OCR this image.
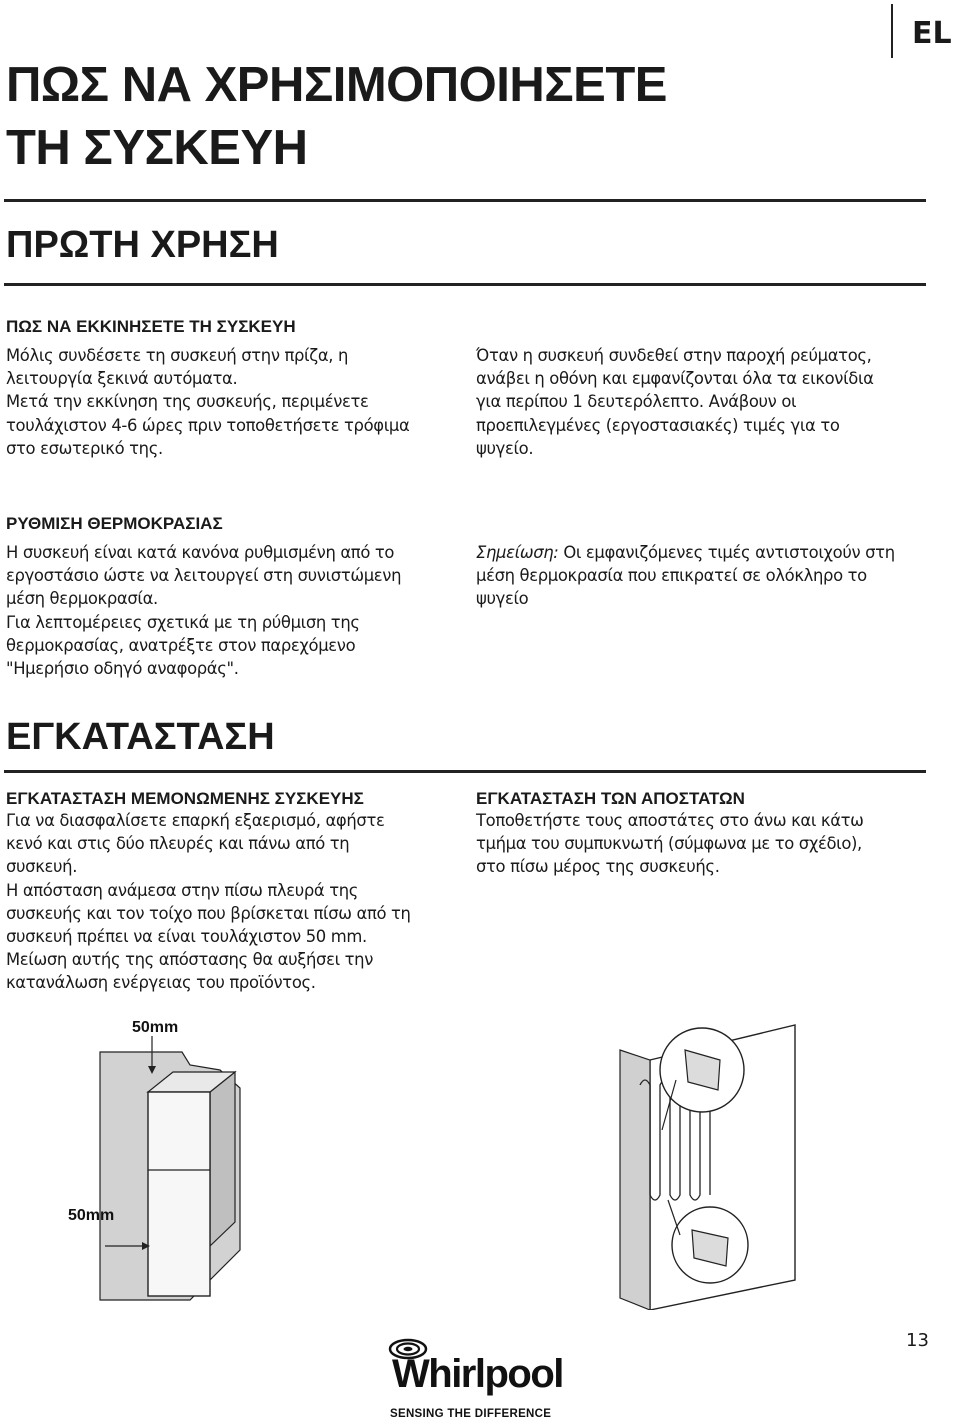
EL
ΠΩΣ ΝΑ ΧΡΗΣΙΜΟΠΟΙΗΣΕΤΕ
ΤΗ ΣΥΣΚΕΥΗ
ΠΡΩΤΗ ΧΡΗΣΗ
ΠΩΣ ΝΑ ΕΚΚΙΝΗΣΕΤΕ ΤΗ ΣΥΣΚΕΥΗ
Μόλις συνδέσετε τη συσκευή στην πρίζα, η
λειτουργία ξεκινά αυτόματα.
Μετά την εκκίνηση της συσκευής, περιμένετε
τουλάχιστον 4-6 ώρες πριν τοποθετήσετε τρόφιμα
στο εσωτερικό της.
Όταν η συσκευή συνδεθεί στην παροχή ρεύματος,
ανάβει η οθόνη και εμφανίζονται όλα τα εικονίδια
για περίπου 1 δευτερόλεπτο. Ανάβουν οι
προεπιλεγμένες (εργοστασιακές) τιμές για το
ψυγείο.
ΡΥΘΜΙΣΗ ΘΕΡΜΟΚΡΑΣΙΑΣ
Η συσκευή είναι κατά κανόνα ρυθμισμένη από το
εργοστάσιο ώστε να λειτουργεί στη συνιστώμενη
μέση θερμοκρασία.
Για λεπτομέρειες σχετικά με τη ρύθμιση της
θερμοκρασίας, ανατρέξτε στον παρεχόμενο
"Ημερήσιο οδηγό αναφοράς".
Σημείωση: Οι εμφανιζόμενες τιμές αντιστοιχούν στη
μέση θερμοκρασία που επικρατεί σε ολόκληρο το
ψυγείο
ΕΓΚΑΤΑΣΤΑΣΗ
ΕΓΚΑΤΑΣΤΑΣΗ ΜΕΜΟΝΩΜΕΝΗΣ ΣΥΣΚΕΥΗΣ
Για να διασφαλίσετε επαρκή εξαερισμό, αφήστε
κενό και στις δύο πλευρές και πάνω από τη
συσκευή.
Η απόσταση ανάμεσα στην πίσω πλευρά της
συσκευής και τον τοίχο που βρίσκεται πίσω από τη
συσκευή πρέπει να είναι τουλάχιστον 50 mm.
Μείωση αυτής της απόστασης θα αυξήσει την
κατανάλωση ενέργειας του προϊόντος.
ΕΓΚΑΤΑΣΤΑΣΗ ΤΩΝ ΑΠΟΣΤΑΤΩΝ
Τοποθετήστε τους αποστάτες στο άνω και κάτω
τμήμα του συμπυκνωτή (σύμφωνα με το σχέδιο),
στο πίσω μέρος της συσκευής.
50mm
50mm
13
Whirlpool
SENSING THE DIFFERENCE
